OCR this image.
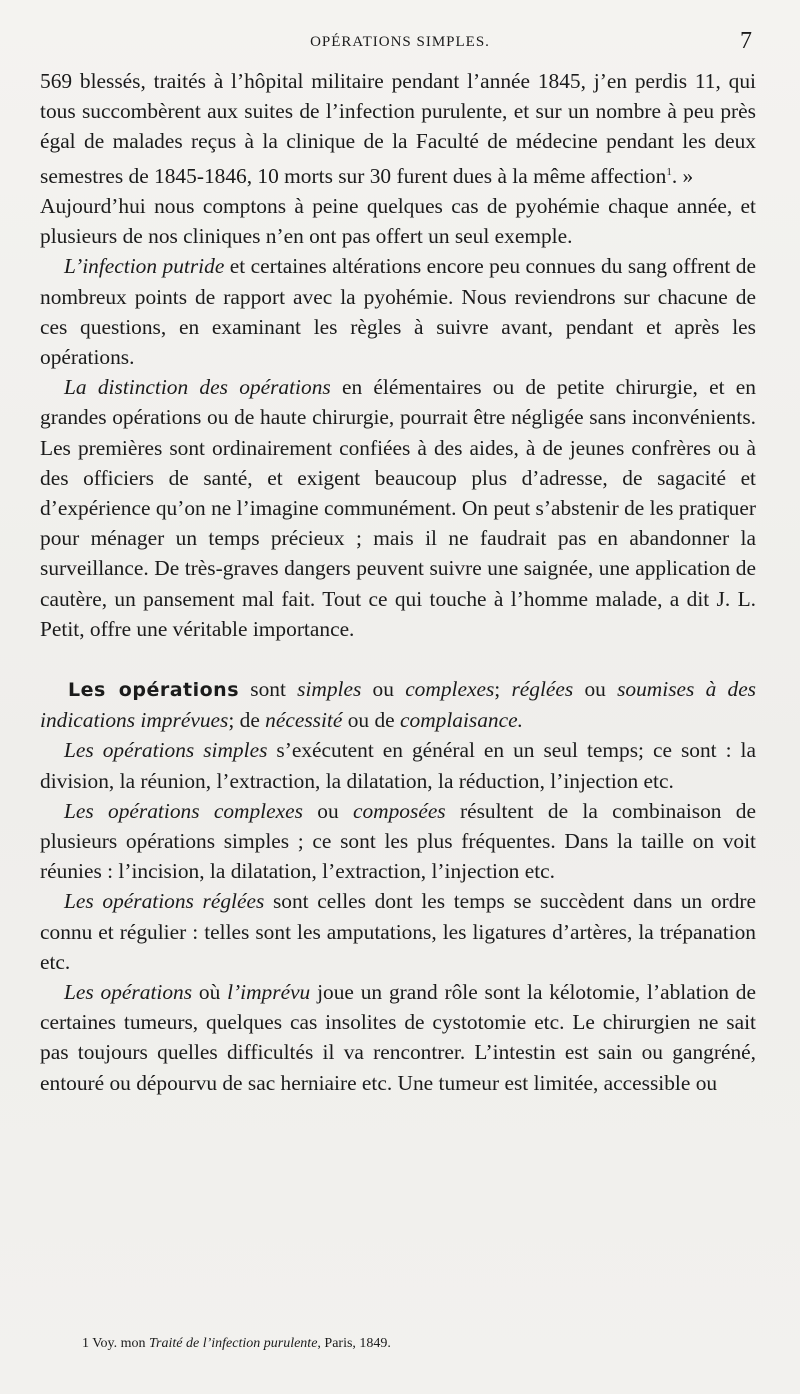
OPÉRATIONS SIMPLES.	7

569 blessés, traités à l’hôpital militaire pendant l’année 1845, j’en perdis 11, qui tous succombèrent aux suites de l’infection purulente, et sur un nombre à peu près égal de malades reçus à la clinique de la Faculté de médecine pendant les deux semestres de 1845-1846, 10 morts sur 30 furent dues à la même affection$^1$. »

Aujourd’hui nous comptons à peine quelques cas de pyohémie chaque année, et plusieurs de nos cliniques n’en ont pas offert un seul exemple.

L’infection putride et certaines altérations encore peu connues du sang offrent de nombreux points de rapport avec la pyohémie. Nous reviendrons sur chacune de ces questions, en examinant les règles à suivre avant, pendant et après les opérations.

La distinction des opérations en élémentaires ou de petite chirurgie, et en grandes opérations ou de haute chirurgie, pourrait être négligée sans inconvénients. Les premières sont ordinairement confiées à des aides, à de jeunes confrères ou à des officiers de santé, et exigent beaucoup plus d’adresse, de sagacité et d’expérience qu’on ne l’imagine communément. On peut s’abstenir de les pratiquer pour ménager un temps précieux ; mais il ne faudrait pas en abandonner la surveillance. De très-graves dangers peuvent suivre une saignée, une application de cautère, un pansement mal fait. Tout ce qui touche à l’homme malade, a dit J. L. Petit, offre une véritable importance.

Les opérations sont simples ou complexes; réglées ou soumises à des indications imprévues; de nécessité ou de complaisance.

Les opérations simples s’exécutent en général en un seul temps; ce sont : la division, la réunion, l’extraction, la dilatation, la réduction, l’injection etc.

Les opérations complexes ou composées résultent de la combinaison de plusieurs opérations simples ; ce sont les plus fréquentes. Dans la taille on voit réunies : l’incision, la dilatation, l’extraction, l’injection etc.

Les opérations réglées sont celles dont les temps se succèdent dans un ordre connu et régulier : telles sont les amputations, les ligatures d’artères, la trépanation etc.

Les opérations où l’imprévu joue un grand rôle sont la kélotomie, l’ablation de certaines tumeurs, quelques cas insolites de cystotomie etc. Le chirurgien ne sait pas toujours quelles difficultés il va rencontrer. L’intestin est sain ou gangréné, entouré ou dépourvu de sac herniaire etc. Une tumeur est limitée, accessible ou

1 Voy. mon Traité de l’infection purulente, Paris, 1849.
